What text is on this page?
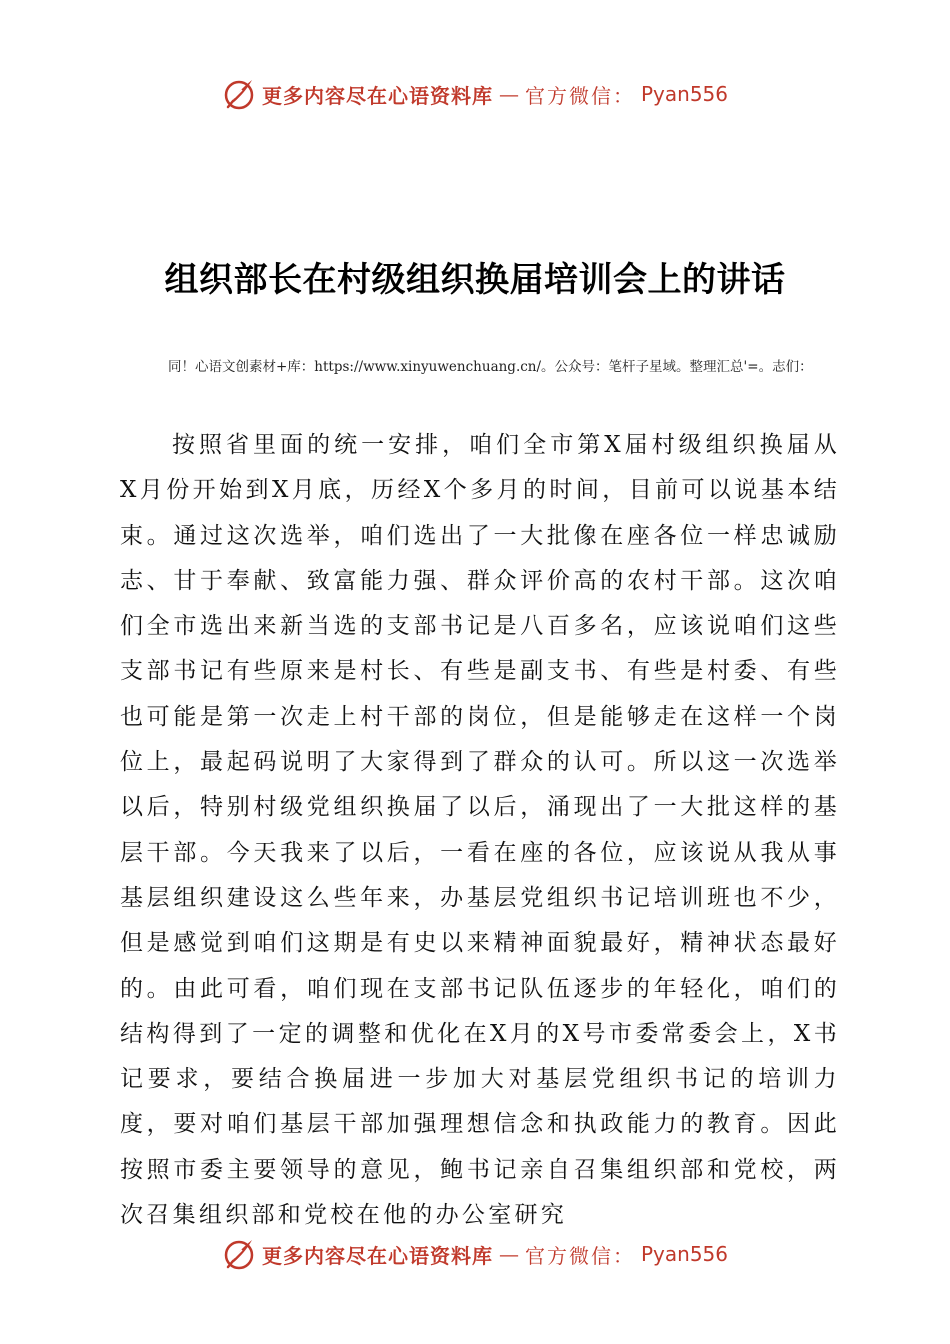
更多内容尽在心语资料库 — 官方微信： Pyan556
组织部长在村级组织换届培训会上的讲话

同！心语文创素材+库：https://www.xinyuwenchuang.cn/。公众号：笔杆子星域。整理汇总'=。志们：

按照省里面的统一安排，咱们全市第X届村级组织换届从X月份开始到X月底，历经X个多月的时间，目前可以说基本结束。通过这次选举，咱们选出了一大批像在座各位一样忠诚励志、甘于奉献、致富能力强、群众评价高的农村干部。这次咱们全市选出来新当选的支部书记是八百多名，应该说咱们这些支部书记有些原来是村长、有些是副支书、有些是村委、有些也可能是第一次走上村干部的岗位，但是能够走在这样一个岗位上，最起码说明了大家得到了群众的认可。所以这一次选举以后，特别村级党组织换届了以后，涌现出了一大批这样的基层干部。今天我来了以后，一看在座的各位，应该说从我从事基层组织建设这么些年来，办基层党组织书记培训班也不少，但是感觉到咱们这期是有史以来精神面貌最好，精神状态最好的。由此可看，咱们现在支部书记队伍逐步的年轻化，咱们的结构得到了一定的调整和优化在X月的X号市委常委会上，X书记要求，要结合换届进一步加大对基层党组织书记的培训力度，要对咱们基层干部加强理想信念和执政能力的教育。因此按照市委主要领导的意见，鲍书记亲自召集组织部和党校，两次召集组织部和党校在他的办公室研究

更多内容尽在心语资料库 — 官方微信： Pyan556
